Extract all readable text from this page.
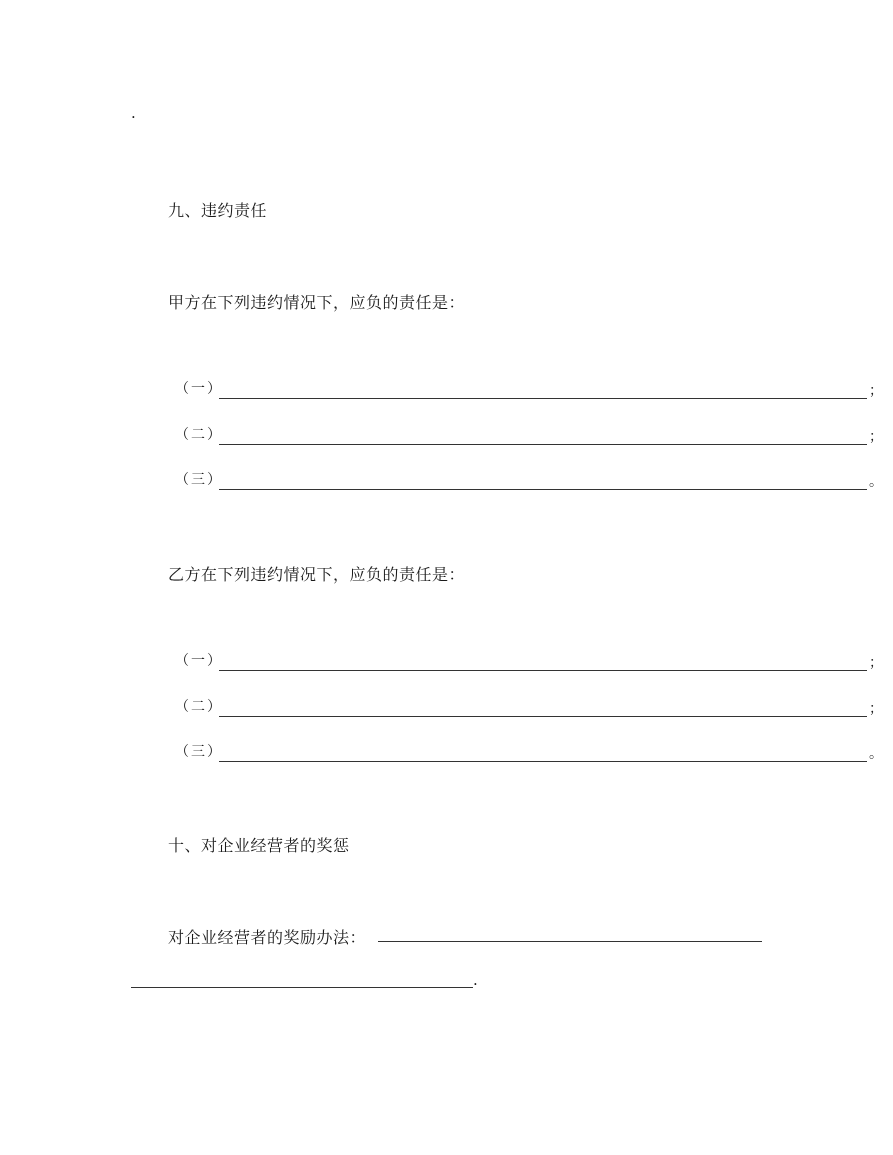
·
九、违约责任
甲方在下列违约情况下，应负的责任是：
（一）	；
（二）	；
（三）	。
乙方在下列违约情况下，应负的责任是：
（一）	；
（二）	；
（三）	。
十、对企业经营者的奖惩
对企业经营者的奖励办法：
.
